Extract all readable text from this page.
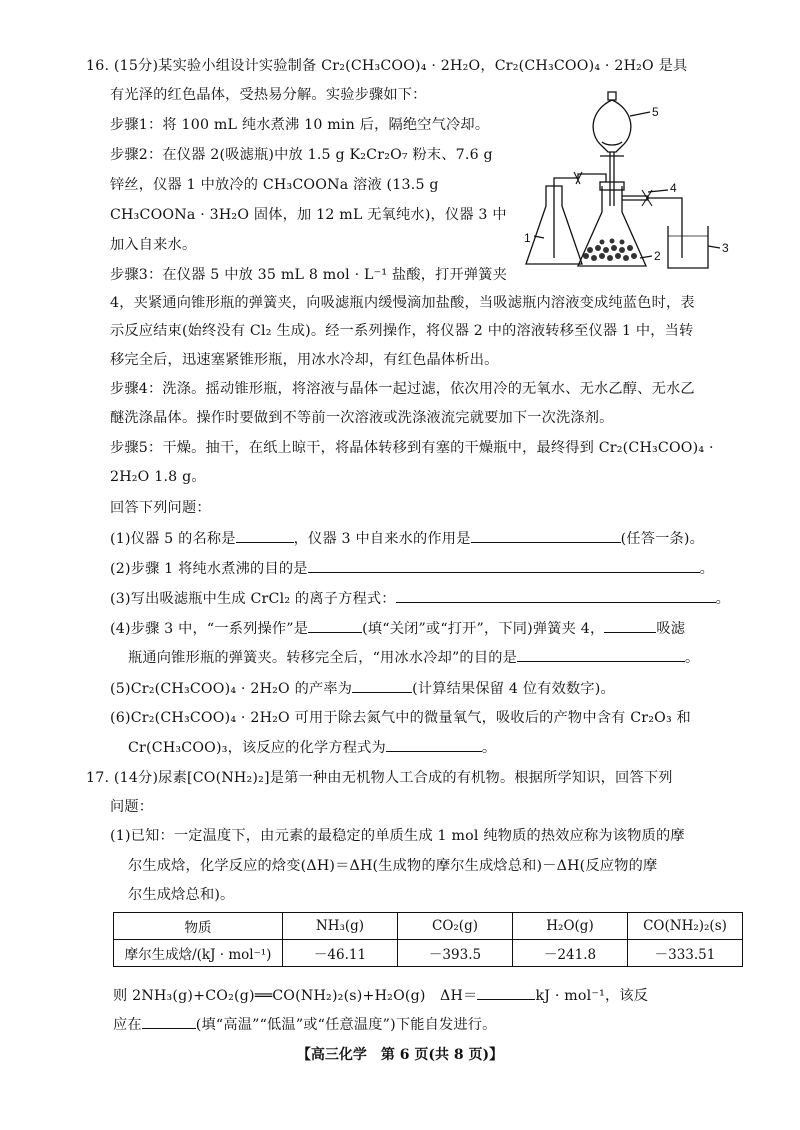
16. (15分)某实验小组设计实验制备 Cr₂(CH₃COO)₄ · 2H₂O，Cr₂(CH₃COO)₄ · 2H₂O 是具
有光泽的红色晶体，受热易分解。实验步骤如下：
步骤1：将 100 mL 纯水煮沸 10 min 后，隔绝空气冷却。
步骤2：在仪器 2(吸滤瓶)中放 1.5 g K₂Cr₂O₇ 粉末、7.6 g
锌丝，仪器 1 中放冷的 CH₃COONa 溶液 (13.5 g
CH₃COONa · 3H₂O 固体，加 12 mL 无氧纯水)，仪器 3 中
加入自来水。
步骤3：在仪器 5 中放 35 mL 8 mol · L⁻¹ 盐酸，打开弹簧夹
4，夹紧通向锥形瓶的弹簧夹，向吸滤瓶内缓慢滴加盐酸，当吸滤瓶内溶液变成纯蓝色时，表
示反应结束(始终没有 Cl₂ 生成)。经一系列操作，将仪器 2 中的溶液转移至仪器 1 中，当转
移完全后，迅速塞紧锥形瓶，用冰水冷却，有红色晶体析出。
步骤4：洗涤。摇动锥形瓶，将溶液与晶体一起过滤，依次用冷的无氧水、无水乙醇、无水乙
醚洗涤晶体。操作时要做到不等前一次溶液或洗涤液流完就要加下一次洗涤剂。
步骤5：干燥。抽干，在纸上晾干，将晶体转移到有塞的干燥瓶中，最终得到 Cr₂(CH₃COO)₄ ·
2H₂O 1.8 g。
回答下列问题：
(1)仪器 5 的名称是	，仪器 3 中自来水的作用是	(任答一条)。
(2)步骤 1 将纯水煮沸的目的是	。
(3)写出吸滤瓶中生成 CrCl₂ 的离子方程式：	。
(4)步骤 3 中，“一系列操作”是	(填“关闭”或“打开”，下同)弹簧夹 4，	吸滤
瓶通向锥形瓶的弹簧夹。转移完全后，“用冰水冷却”的目的是	。
(5)Cr₂(CH₃COO)₄ · 2H₂O 的产率为	(计算结果保留 4 位有效数字)。
(6)Cr₂(CH₃COO)₄ · 2H₂O 可用于除去氮气中的微量氧气，吸收后的产物中含有 Cr₂O₃ 和
Cr(CH₃COO)₃，该反应的化学方程式为	。
5
4
3
2
1
17. (14分)尿素[CO(NH₂)₂]是第一种由无机物人工合成的有机物。根据所学知识，回答下列
问题：
(1)已知：一定温度下，由元素的最稳定的单质生成 1 mol 纯物质的热效应称为该物质的摩
尔生成焓，化学反应的焓变(ΔH)＝ΔH(生成物的摩尔生成焓总和)－ΔH(反应物的摩
尔生成焓总和)。
物质	NH₃(g)	CO₂(g)	H₂O(g)	CO(NH₂)₂(s)
摩尔生成焓/(kJ · mol⁻¹)	－46.11	－393.5	－241.8	－333.51
则 2NH₃(g)+CO₂(g)══CO(NH₂)₂(s)+H₂O(g)　ΔH＝	kJ · mol⁻¹，该反
应在	(填“高温”“低温”或“任意温度”)下能自发进行。
【高三化学　第 6 页(共 8 页)】
